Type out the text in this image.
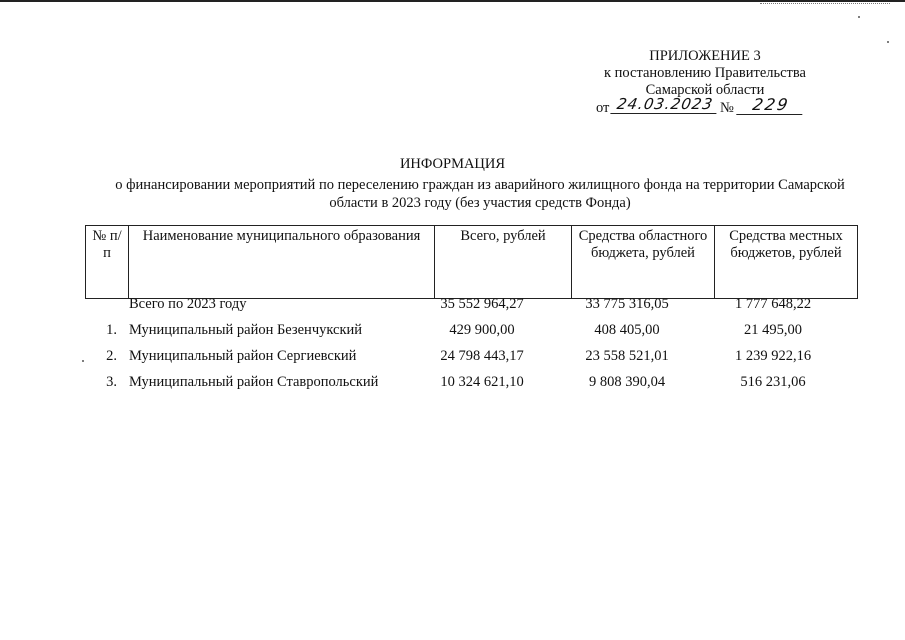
ПРИЛОЖЕНИЕ 3
к постановлению Правительства
Самарской области
от 24.03.2023 №	229
ИНФОРМАЦИЯ
о финансировании мероприятий по переселению граждан из аварийного жилищного фонда на территории Самарской области в 2023 году (без участия средств Фонда)
№ п/п	Наименование муниципального образования	Всего, рублей	Средства областного бюджета, рублей	Средства местных бюджетов, рублей
Всего по 2023 году	35 552 964,27	33 775 316,05	1 777 648,22
1. Муниципальный район Безенчукский	429 900,00	408 405,00	21 495,00
2. Муниципальный район Сергиевский	24 798 443,17	23 558 521,01	1 239 922,16
3. Муниципальный район Ставропольский	10 324 621,10	9 808 390,04	516 231,06
